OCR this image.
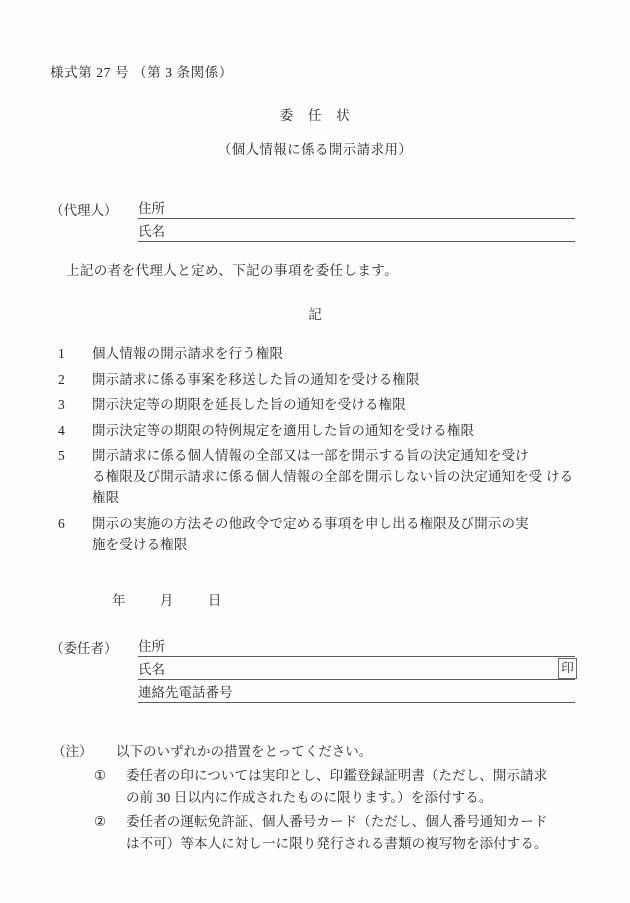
様式第 27 号 （第 3 条関係）
委　任　状
（個人情報に係る開示請求用）
（代理人）	住所
氏名
上記の者を代理人と定め、下記の事項を委任します。
記
1	個人情報の開示請求を行う権限
2	開示請求に係る事案を移送した旨の通知を受ける権限
3	開示決定等の期限を延長した旨の通知を受ける権限
4	開示決定等の期限の特例規定を適用した旨の通知を受ける権限
5	開示請求に係る個人情報の全部又は一部を開示する旨の決定通知を受け
る権限及び開示請求に係る個人情報の全部を開示しない旨の決定通知を受 ける権限
6	開示の実施の方法その他政令で定める事項を申し出る権限及び開示の実
施を受ける権限
年	月	日
（委任者）	住所
氏名	印
連絡先電話番号
（注）	以下のいずれかの措置をとってください。
①	委任者の印については実印とし、印鑑登録証明書（ただし、開示請求
の前 30 日以内に作成されたものに限ります。）を添付する。
②	委任者の運転免許証、個人番号カード（ただし、個人番号通知カード
は不可）等本人に対し一に限り発行される書類の複写物を添付する。
